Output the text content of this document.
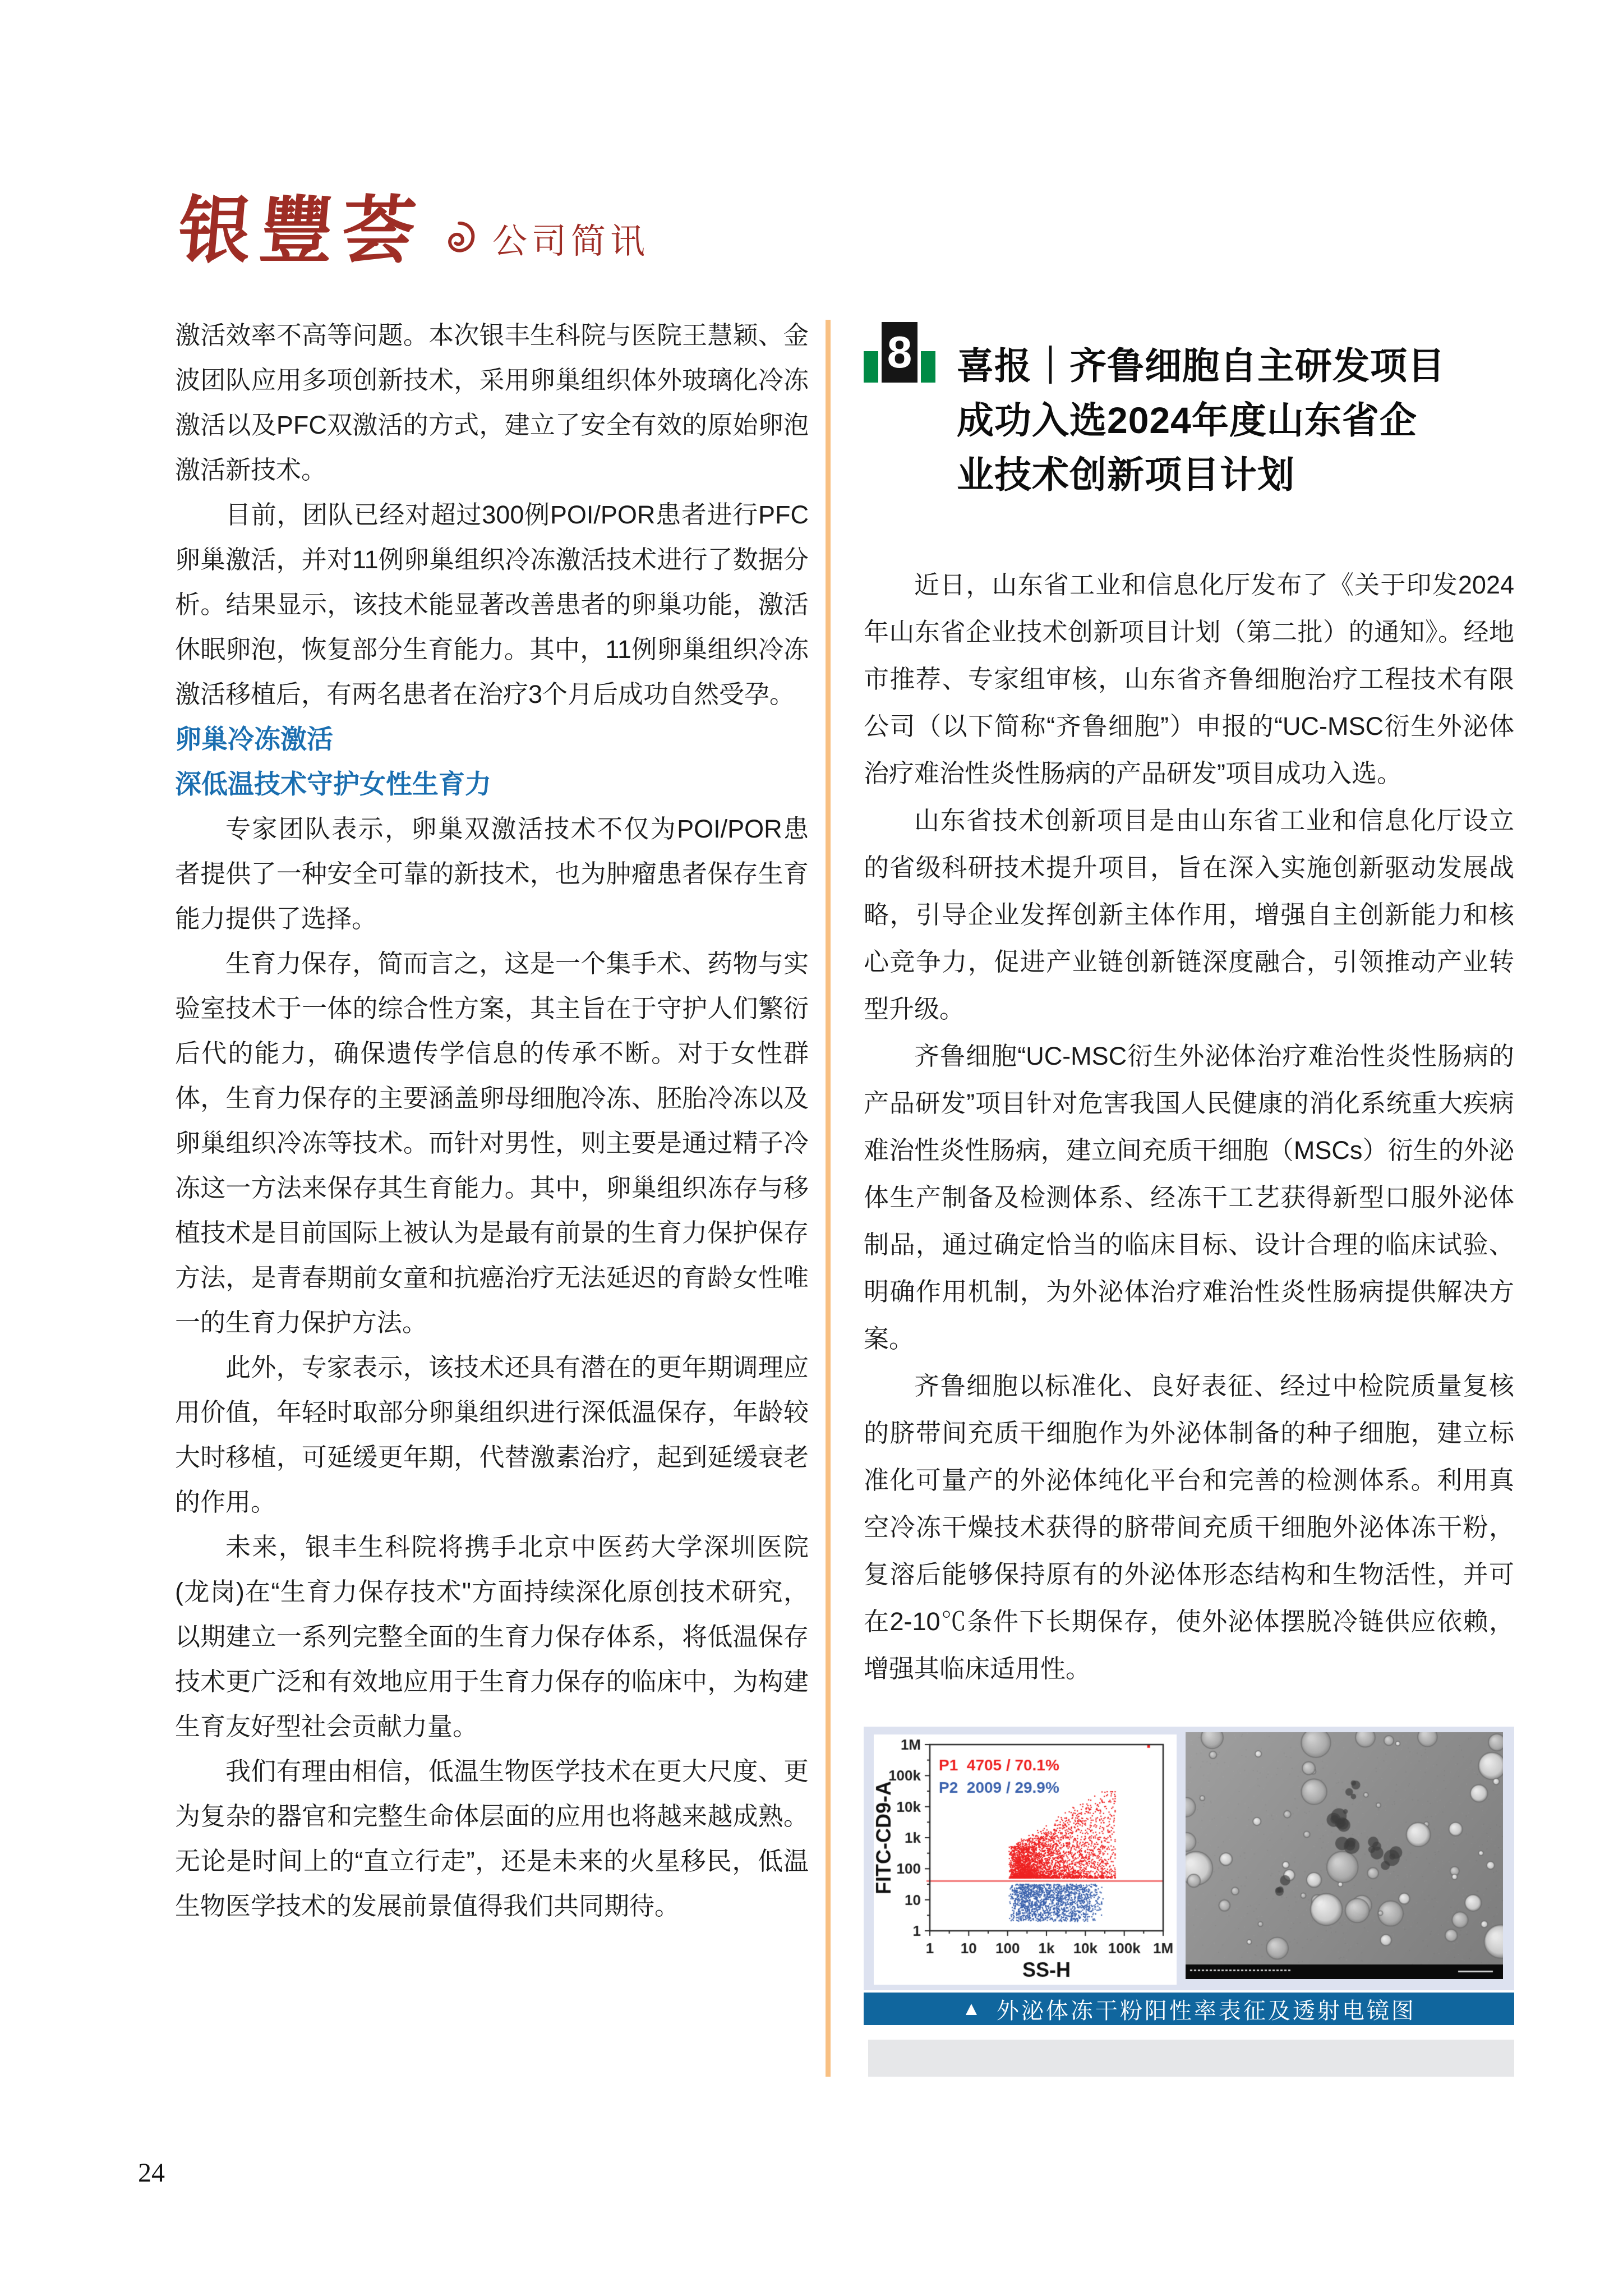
银豐荟 公司简讯

激活效率不高等问题。本次银丰生科院与医院王慧颖、金波团队应用多项创新技术，采用卵巢组织体外玻璃化冷冻激活以及PFC双激活的方式，建立了安全有效的原始卵泡激活新技术。

目前，团队已经对超过300例POI/POR患者进行PFC卵巢激活，并对11例卵巢组织冷冻激活技术进行了数据分析。结果显示，该技术能显著改善患者的卵巢功能，激活休眠卵泡，恢复部分生育能力。其中，11例卵巢组织冷冻激活移植后，有两名患者在治疗3个月后成功自然受孕。

卵巢冷冻激活
深低温技术守护女性生育力

专家团队表示，卵巢双激活技术不仅为POI/POR患者提供了一种安全可靠的新技术，也为肿瘤患者保存生育能力提供了选择。

生育力保存，简而言之，这是一个集手术、药物与实验室技术于一体的综合性方案，其主旨在于守护人们繁衍后代的能力，确保遗传学信息的传承不断。对于女性群体，生育力保存的主要涵盖卵母细胞冷冻、胚胎冷冻以及卵巢组织冷冻等技术。而针对男性，则主要是通过精子冷冻这一方法来保存其生育能力。其中，卵巢组织冻存与移植技术是目前国际上被认为是最有前景的生育力保护保存方法，是青春期前女童和抗癌治疗无法延迟的育龄女性唯一的生育力保护方法。

此外，专家表示，该技术还具有潜在的更年期调理应用价值，年轻时取部分卵巢组织进行深低温保存，年龄较大时移植，可延缓更年期，代替激素治疗，起到延缓衰老的作用。

未来，银丰生科院将携手北京中医药大学深圳医院(龙岗)在“生育力保存技术"方面持续深化原创技术研究，以期建立一系列完整全面的生育力保存体系，将低温保存技术更广泛和有效地应用于生育力保存的临床中，为构建生育友好型社会贡献力量。

我们有理由相信，低温生物医学技术在更大尺度、更为复杂的器官和完整生命体层面的应用也将越来越成熟。无论是时间上的“直立行走”，还是未来的火星移民，低温生物医学技术的发展前景值得我们共同期待。

8 喜报｜齐鲁细胞自主研发项目
成功入选2024年度山东省企
业技术创新项目计划

近日，山东省工业和信息化厅发布了《关于印发2024年山东省企业技术创新项目计划（第二批）的通知》。经地市推荐、专家组审核，山东省齐鲁细胞治疗工程技术有限公司（以下简称“齐鲁细胞”）申报的“UC-MSC衍生外泌体治疗难治性炎性肠病的产品研发”项目成功入选。

山东省技术创新项目是由山东省工业和信息化厅设立的省级科研技术提升项目，旨在深入实施创新驱动发展战略，引导企业发挥创新主体作用，增强自主创新能力和核心竞争力，促进产业链创新链深度融合，引领推动产业转型升级。

齐鲁细胞“UC-MSC衍生外泌体治疗难治性炎性肠病的产品研发”项目针对危害我国人民健康的消化系统重大疾病难治性炎性肠病，建立间充质干细胞（MSCs）衍生的外泌体生产制备及检测体系、经冻干工艺获得新型口服外泌体制品，通过确定恰当的临床目标、设计合理的临床试验、明确作用机制，为外泌体治疗难治性炎性肠病提供解决方案。

齐鲁细胞以标准化、良好表征、经过中检院质量复核的脐带间充质干细胞作为外泌体制备的种子细胞，建立标准化可量产的外泌体纯化平台和完善的检测体系。利用真空冷冻干燥技术获得的脐带间充质干细胞外泌体冻干粉，复溶后能够保持原有的外泌体形态结构和生物活性，并可在2-10℃条件下长期保存，使外泌体摆脱冷链供应依赖，增强其临床适用性。

▲ 外泌体冻干粉阳性率表征及透射电镜图
24
